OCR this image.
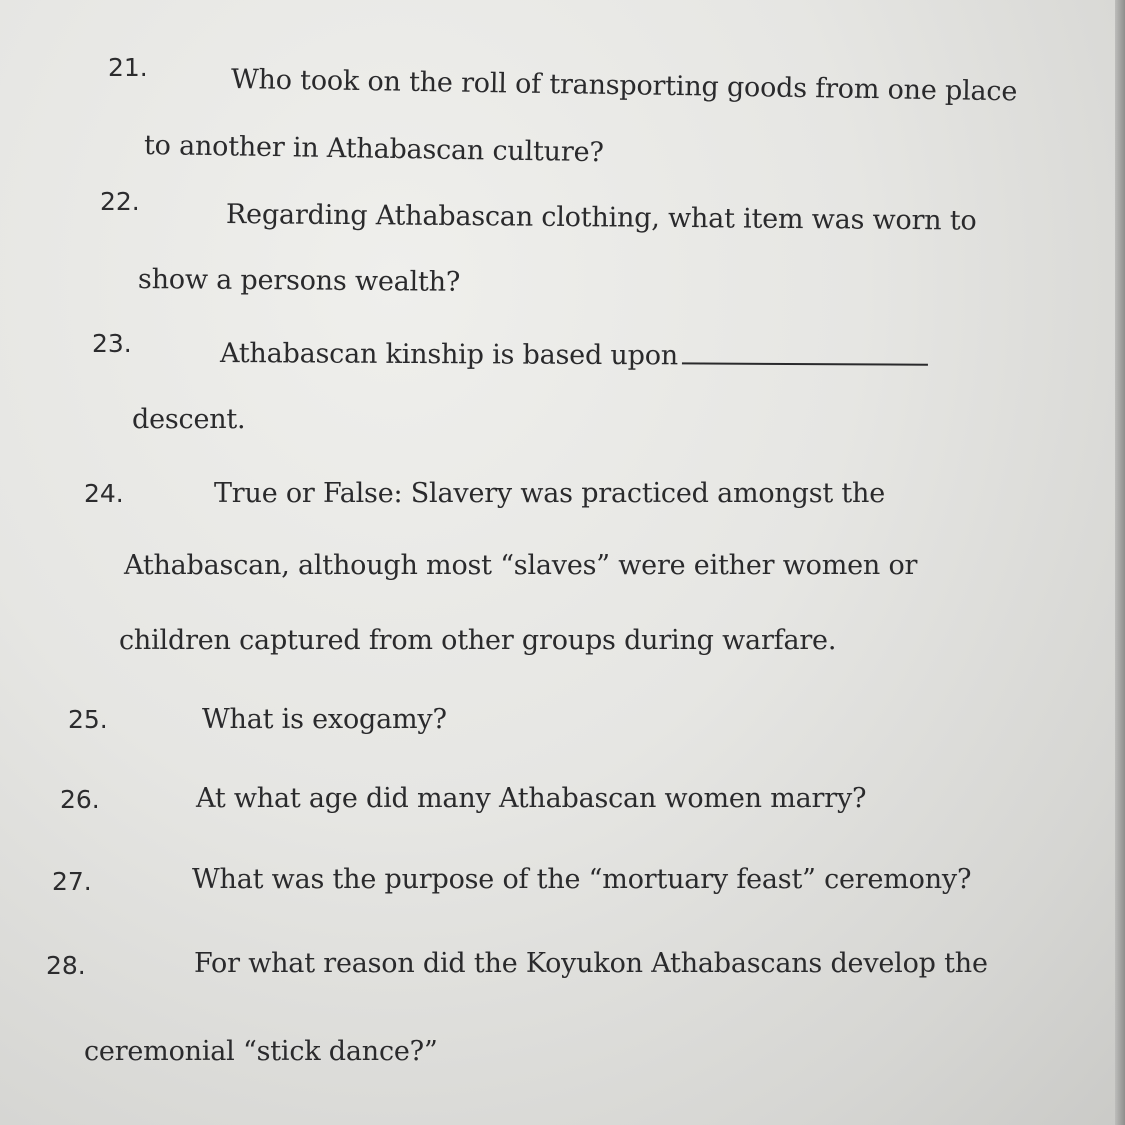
21.	Who took on the roll of transporting goods from one place
to another in Athabascan culture?
22.	Regarding Athabascan clothing, what item was worn to
show a persons wealth?
23.	Athabascan kinship is based upon
descent.
24.	True or False: Slavery was practiced amongst the
Athabascan, although most “slaves” were either women or
children captured from other groups during warfare.
25.	What is exogamy?
26.	At what age did many Athabascan women marry?
27.	What was the purpose of the “mortuary feast” ceremony?
28.	For what reason did the Koyukon Athabascans develop the
ceremonial “stick dance?”
